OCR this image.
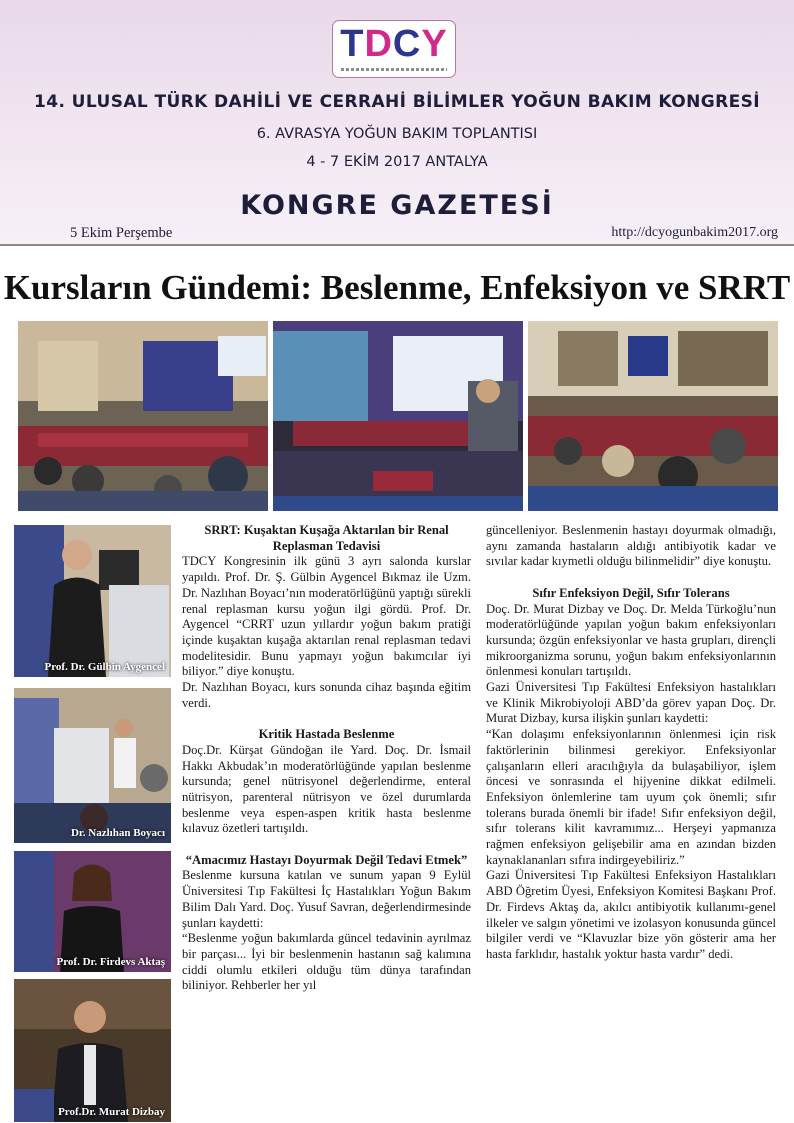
TDCY
14. ULUSAL TÜRK DAHİLİ VE CERRAHİ BİLİMLER YOĞUN BAKIM KONGRESİ
6. AVRASYA YOĞUN BAKIM TOPLANTISI
4 - 7 EKİM 2017 ANTALYA
KONGRE GAZETESİ
5 Ekim Perşembe	http://dcyogunbakim2017.org
Kursların Gündemi: Beslenme, Enfeksiyon ve SRRT
Prof. Dr. Gülbin Aygencel
Dr. Nazlıhan Boyacı
Prof. Dr. Firdevs Aktaş
Prof.Dr. Murat Dizbay
SRRT: Kuşaktan Kuşağa Aktarılan bir Renal Replasman Tedavisi

TDCY Kongresinin ilk günü 3 ayrı salonda kurslar yapıldı. Prof. Dr. Ş. Gülbin Aygencel Bıkmaz ile Uzm. Dr. Nazlıhan Boyacı’nın moderatörlüğünü yaptığı sürekli renal replasman kursu yoğun ilgi gördü. Prof. Dr. Aygencel “CRRT uzun yıllardır yoğun bakım pratiği içinde kuşaktan kuşağa aktarılan renal replasman tedavi modelitesidir. Bunu yapmayı yoğun bakımcılar iyi biliyor.” diye konuştu.

Dr. Nazlıhan Boyacı, kurs sonunda cihaz başında eğitim verdi.

Kritik Hastada Beslenme

Doç.Dr. Kürşat Gündoğan ile Yard. Doç. Dr. İsmail Hakkı Akbudak’ın moderatörlüğünde yapılan beslenme kursunda; genel nütrisyonel değerlendirme, enteral nütrisyon, parenteral nütrisyon ve özel durumlarda beslenme veya espen-aspen kritik hasta beslenme kılavuz özetleri tartışıldı.

“Amacımız Hastayı Doyurmak Değil Tedavi Etmek”

Beslenme kursuna katılan ve sunum yapan 9 Eylül Üniversitesi Tıp Fakültesi İç Hastalıkları Yoğun Bakım Bilim Dalı Yard. Doç. Yusuf Savran, değerlendirmesinde şunları kaydetti:

“Beslenme yoğun bakımlarda güncel tedavinin ayrılmaz bir parçası... İyi bir beslenmenin hastanın sağ kalımına ciddi olumlu etkileri olduğu tüm dünya tarafından biliniyor. Rehberler her yıl

güncelleniyor. Beslenmenin hastayı doyurmak olmadığı, aynı zamanda hastaların aldığı antibiyotik kadar ve sıvılar kadar kıymetli olduğu bilinmelidir” diye konuştu.

Sıfır Enfeksiyon Değil, Sıfır Tolerans

Doç. Dr. Murat Dizbay ve Doç. Dr. Melda Türkoğlu’nun moderatörlüğünde yapılan yoğun bakım enfeksiyonları kursunda; özgün enfeksiyonlar ve hasta grupları, dirençli mikroorganizma sorunu, yoğun bakım enfeksiyonlarının önlenmesi konuları tartışıldı.

Gazi Üniversitesi Tıp Fakültesi Enfeksiyon hastalıkları ve Klinik Mikrobiyoloji ABD’da görev yapan Doç. Dr. Murat Dizbay, kursa ilişkin şunları kaydetti:

“Kan dolaşımı enfeksiyonlarının önlenmesi için risk faktörlerinin bilinmesi gerekiyor. Enfeksiyonlar çalışanların elleri aracılığıyla da bulaşabiliyor, işlem öncesi ve sonrasında el hijyenine dikkat edilmeli. Enfeksiyon önlemlerine tam uyum çok önemli; sıfır tolerans burada önemli bir ifade! Sıfır enfeksiyon değil, sıfır tolerans kilit kavramımız... Herşeyi yapmanıza rağmen enfeksiyon gelişebilir ama en azından bizden kaynaklananları sıfıra indirgeyebiliriz.”

Gazi Üniversitesi Tıp Fakültesi Enfeksiyon Hastalıkları ABD Öğretim Üyesi, Enfeksiyon Komitesi Başkanı Prof. Dr. Firdevs Aktaş da, akılcı antibiyotik kullanımı-genel ilkeler ve salgın yönetimi ve izolasyon konusunda güncel bilgiler verdi ve “Klavuzlar bize yön gösterir ama her hasta farklıdır, hastalık yoktur hasta vardır” dedi.
